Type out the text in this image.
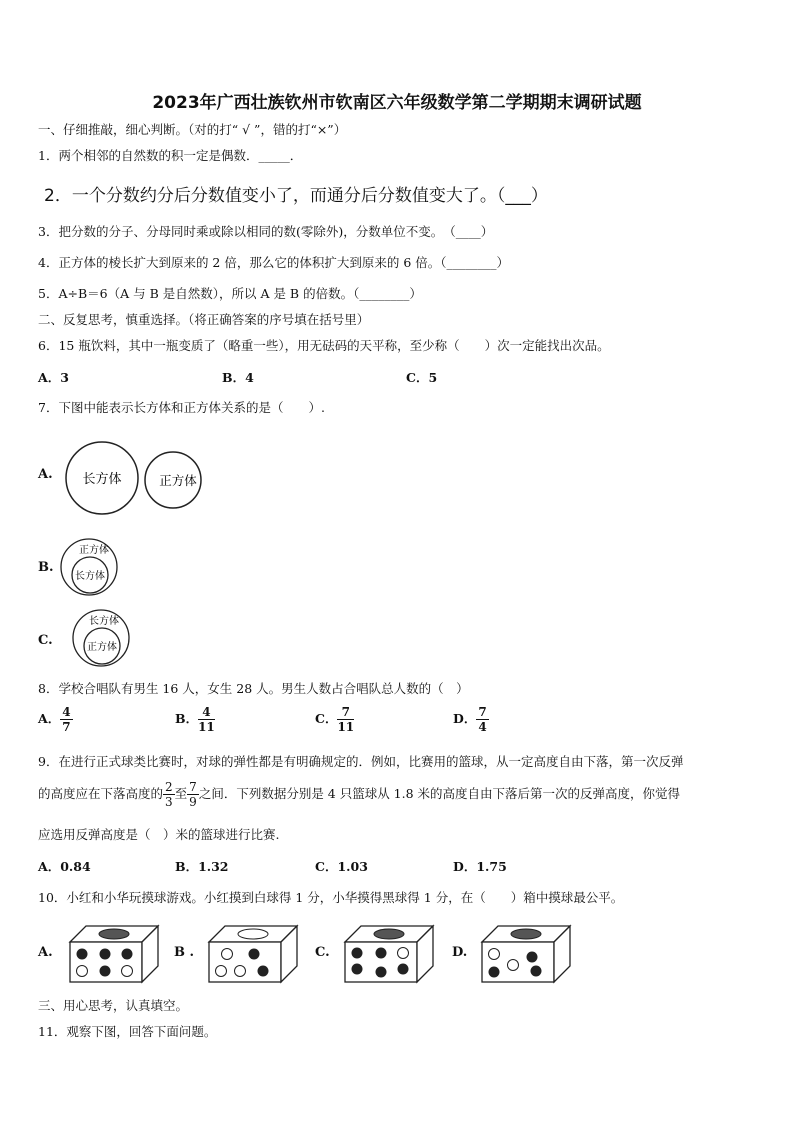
2023年广西壮族钦州市钦南区六年级数学第二学期期末调研试题
一、仔细推敲，细心判断。（对的打“ √ ”，错的打“×”）
1．两个相邻的自然数的积一定是偶数．_____．
2．一个分数约分后分数值变小了，而通分后分数值变大了。（___）
3．把分数的分子、分母同时乘或除以相同的数(零除外)，分数单位不变。　（____）
4．正方体的棱长扩大到原来的 2 倍，那么它的体积扩大到原来的 6 倍。（________）
5．A÷B＝6（A 与 B 是自然数），所以 A 是 B 的倍数。（________）
二、反复思考，慎重选择。（将正确答案的序号填在括号里）
6．15 瓶饮料，其中一瓶变质了（略重一些），用无砝码的天平称，至少称（　　）次一定能找出次品。
A．3	B．4	C．5
7．下图中能表示长方体和正方体关系的是（　　）.
A. 长方体	正方体
B.
正方体
长方体
C.
长方体
正方体
8．学校合唱队有男生 16 人，女生 28 人。男生人数占合唱队总人数的（　）
A． $\frac{4}{7}$	B． $\frac{4}{11}$	C． $\frac{7}{11}$	D． $\frac{7}{4}$
9．在进行正式球类比赛时，对球的弹性都是有明确规定的．例如，比赛用的篮球，从一定高度自由下落，第一次反弹
的高度应在下落高度的 $\frac{2}{3}$ 至 $\frac{7}{9}$ 之间．下列数据分别是 4 只篮球从 1.8 米的高度自由下落后第一次的反弹高度，你觉得
应选用反弹高度是（　）米的篮球进行比赛.
A．0.84	B．1.32	C．1.03	D．1.75
10．小红和小华玩摸球游戏。小红摸到白球得 1 分，小华摸得黑球得 1 分，在（　　）箱中摸球最公平。
A.	B .	C.	D.
三、用心思考，认真填空。
11．观察下图，回答下面问题。
